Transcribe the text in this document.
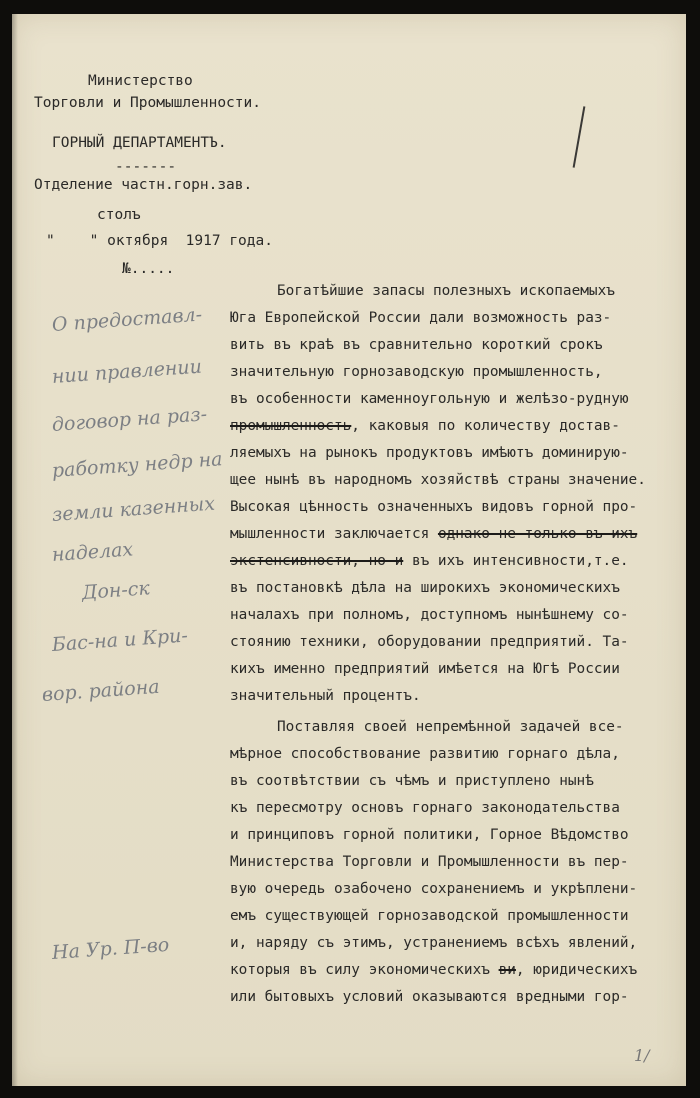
Министерство
Торговли и Промышленности.
ГОРНЫЙ ДЕПАРТАМЕНТЪ.
-------
Отделение частн.горн.зав.
столъ
"    " октября  1917 года.
№.....
О предоставл-
нии правлении
договор на раз-
работку недр на
земли казенных
наделах
Дон-ск
Бас-на и Кри-
вор. района
На Ур. П-во
Богатѣйшие запасы полезныхъ ископаемыхъ
Юга Европейской России дали возможность раз-
вить въ краѣ въ сравнительно короткий срокъ
значительную горнозаводскую промышленность,
въ особенности каменноугольную и желѣзо-рудную
промышленность, каковыя по количеству достав-
ляемыхъ на рынокъ продуктовъ имѣютъ доминирую-
щее нынѣ въ народномъ хозяйствѣ страны значение.
Высокая цѣнность означенныхъ видовъ горной про-
мышленности заключается однако не только въ ихъ
экстенсивности, но и въ ихъ интенсивности,т.е.
въ постановкѣ дѣла на широкихъ экономическихъ
началахъ при полномъ, доступномъ нынѣшнему со-
стоянию техники, оборудовании предприятий. Та-
кихъ именно предприятий имѣется на Югѣ России
значительный процентъ.
Поставляя своей непремѣнной задачей все-
мѣрное способствование развитию горнаго дѣла,
въ соотвѣтствии съ чѣмъ и приступлено нынѣ
къ пересмотру основъ горнаго законодательства
и принциповъ горной политики, Горное Вѣдомство
Министерства Торговли и Промышленности въ пер-
вую очередь озабочено сохранениемъ и укрѣплени-
емъ существующей горнозаводской промышленности
и, наряду съ этимъ, устранениемъ всѣхъ явлений,
которыя въ силу экономическихъ ви, юридическихъ
или бытовыхъ условий оказываются вредными гор-
1/
